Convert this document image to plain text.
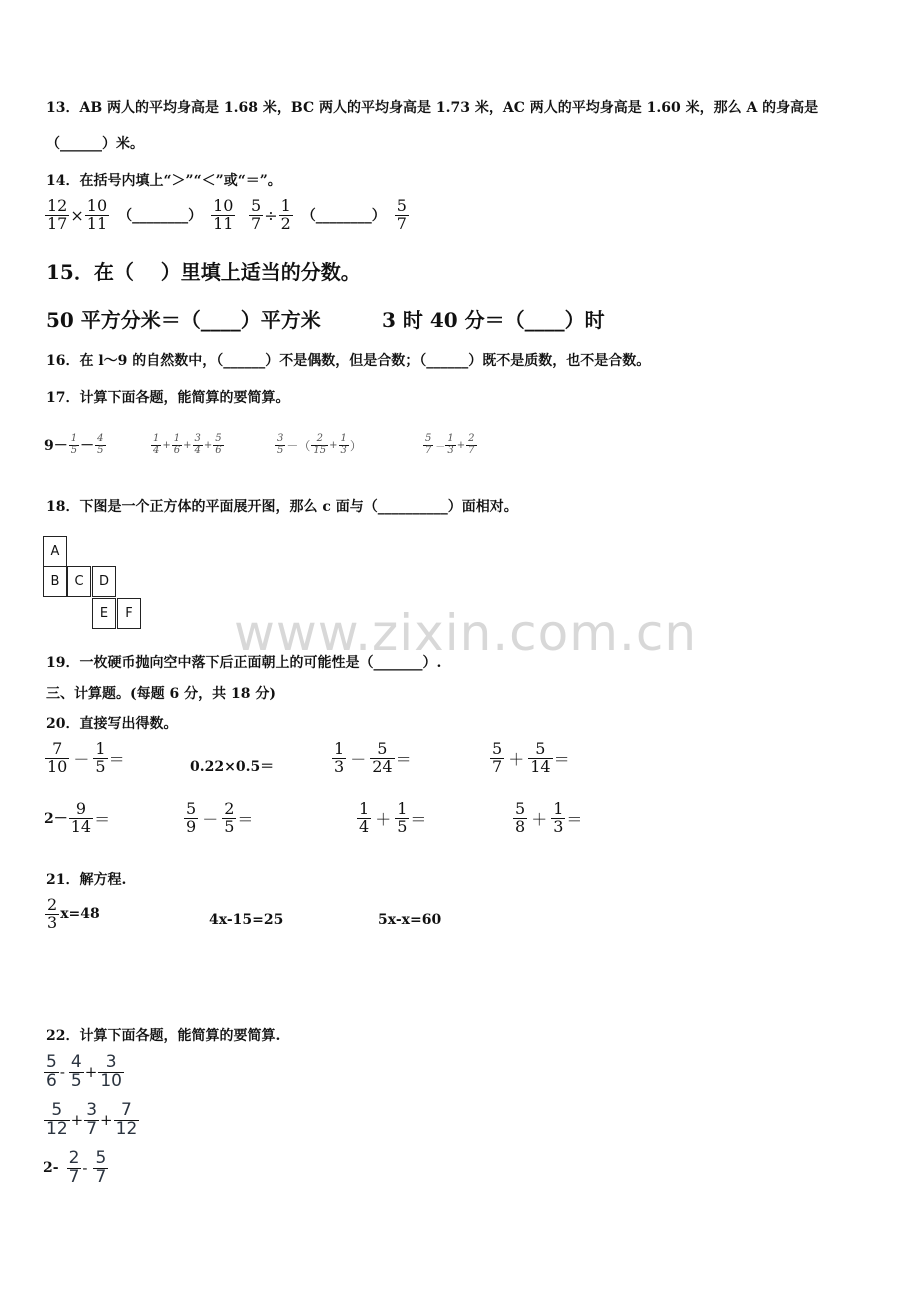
13．AB 两人的平均身高是 1.68 米，BC 两人的平均身高是 1.73 米，AC 两人的平均身高是 1.60 米，那么 A 的身高是
（______）米。
14．在括号内填上“＞”“＜”或“＝”。
$\frac{12}{17} \times \frac{10}{11}$ （________） $\frac{10}{11} \frac{5}{7} \div \frac{1}{2}$ （________） $\frac{5}{7}$
15．在（　 ）里填上适当的分数。
50 平方分米＝（____）平方米	3 时 40 分＝（____）时
16．在 l～9 的自然数中，（______）不是偶数，但是合数；（______）既不是质数，也不是合数。
17．计算下面各题，能简算的要简算。
$9- \frac{1}{5} - \frac{4}{5}$	$\frac{1}{4} + \frac{1}{6} + \frac{3}{4} + \frac{5}{6}$	$\frac{3}{5}$ －（ $\frac{2}{15} + \frac{1}{3}$ ）	$\frac{5}{7} - \frac{1}{3} + \frac{2}{7}$
18．下图是一个正方体的平面展开图，那么 c 面与（__________）面相对。
A
B	C	D
E	F www.zixin.com.cn
19．一枚硬币抛向空中落下后正面朝上的可能性是（_______）.
三、计算题。(每题 6 分，共 18 分)
20．直接写出得数。
$\frac{7}{10} - \frac{1}{5}$ ＝	0.22×0.5＝	$\frac{1}{3} - \frac{5}{24}$ ＝	$\frac{5}{7} + \frac{5}{14}$ ＝
$2- \frac{9}{14}$ ＝	$\frac{5}{9} - \frac{2}{5}$ ＝	$\frac{1}{4} + \frac{1}{5}$ ＝	$\frac{5}{8} + \frac{1}{3}$ ＝
21．解方程.
$\frac{2}{3} x=48$	4x-15=25	5x-x=60
22．计算下面各题，能简算的要简算.
$\frac{5}{6} - \frac{4}{5} + \frac{3}{10}$
$\frac{5}{12} + \frac{3}{7} + \frac{7}{12}$
$2- \frac{2}{7} - \frac{5}{7}$
